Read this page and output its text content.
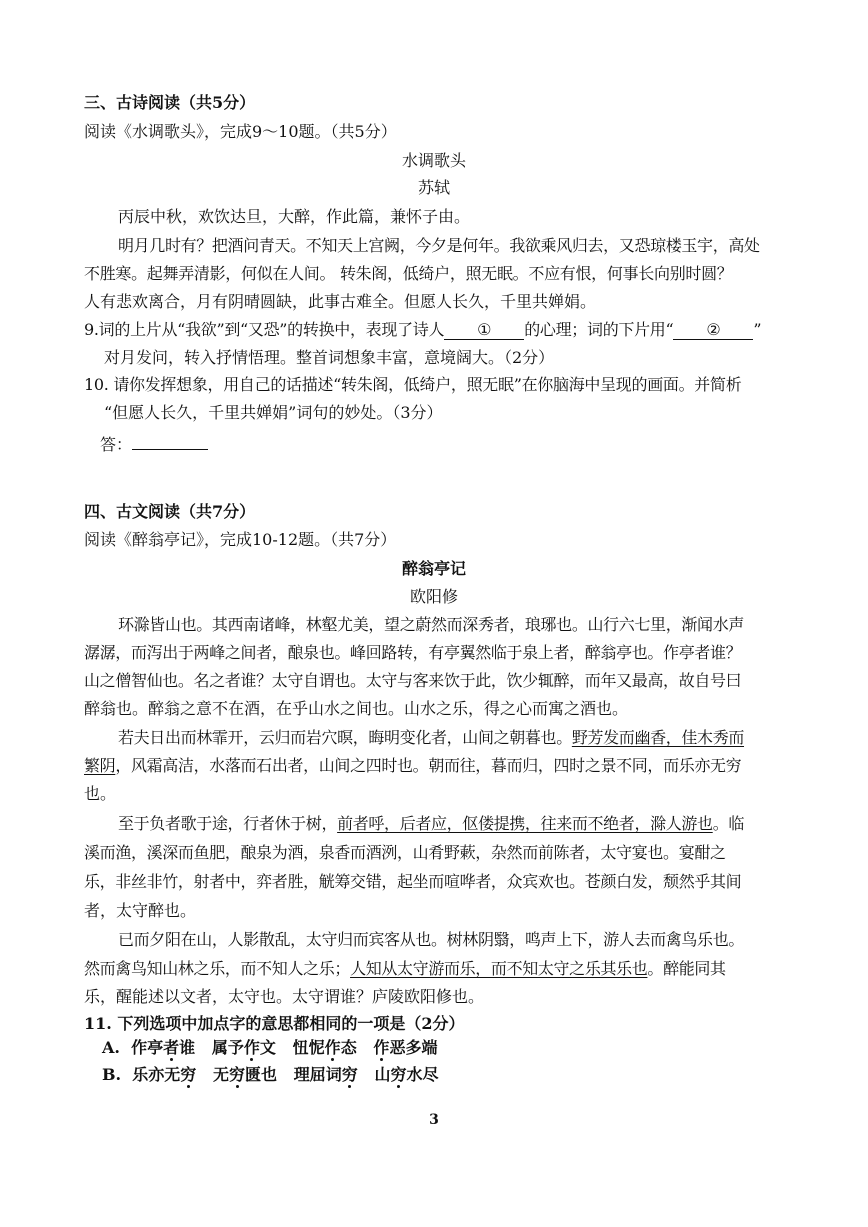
三、古诗阅读（共5分）
阅读《水调歌头》，完成9～10题。（共5分）
水调歌头
苏轼
丙辰中秋，欢饮达旦，大醉，作此篇，兼怀子由。
明月几时有？把酒问青天。不知天上宫阙，今夕是何年。我欲乘风归去，又恐琼楼玉宇，高处
不胜寒。起舞弄清影，何似在人间。 转朱阁，低绮户，照无眠。不应有恨，何事长向别时圆？
人有悲欢离合，月有阴晴圆缺，此事古难全。但愿人长久，千里共婵娟。
9.词的上片从“我欲”到“又恐”的转换中，表现了诗人 ① 的心理；词的下片用“ ② ”
对月发问，转入抒情悟理。整首词想象丰富，意境阔大。（2分）
10. 请你发挥想象，用自己的话描述“转朱阁，低绮户，照无眠”在你脑海中呈现的画面。并简析
“但愿人长久，千里共婵娟”词句的妙处。（3分）
答：
四、古文阅读（共7分）
阅读《醉翁亭记》，完成10-12题。（共7分）
醉翁亭记
欧阳修
环滁皆山也。其西南诸峰，林壑尤美，望之蔚然而深秀者，琅琊也。山行六七里，渐闻水声
潺潺，而泻出于两峰之间者，酿泉也。峰回路转，有亭翼然临于泉上者，醉翁亭也。作亭者谁？
山之僧智仙也。名之者谁？太守自谓也。太守与客来饮于此，饮少辄醉，而年又最高，故自号曰
醉翁也。醉翁之意不在酒，在乎山水之间也。山水之乐，得之心而寓之酒也。
若夫日出而林霏开，云归而岩穴暝，晦明变化者，山间之朝暮也。野芳发而幽香，佳木秀而
繁阴，风霜高洁，水落而石出者，山间之四时也。朝而往，暮而归，四时之景不同，而乐亦无穷
也。
至于负者歌于途，行者休于树，前者呼，后者应，伛偻提携，往来而不绝者，滁人游也。临
溪而渔，溪深而鱼肥，酿泉为酒，泉香而酒洌，山肴野蔌，杂然而前陈者，太守宴也。宴酣之
乐，非丝非竹，射者中，弈者胜，觥筹交错，起坐而喧哗者，众宾欢也。苍颜白发，颓然乎其间
者，太守醉也。
已而夕阳在山，人影散乱，太守归而宾客从也。树林阴翳，鸣声上下，游人去而禽鸟乐也。
然而禽鸟知山林之乐，而不知人之乐；人知从太守游而乐，而不知太守之乐其乐也。醉能同其
乐，醒能述以文者，太守也。太守谓谁？庐陵欧阳修也。
11. 下列选项中加点字的意思都相同的一项是（2分）
A. 作亭者谁 属予作文 忸怩作态 作恶多端
B. 乐亦无穷 无穷匮也 理屈词穷 山穷水尽
3
